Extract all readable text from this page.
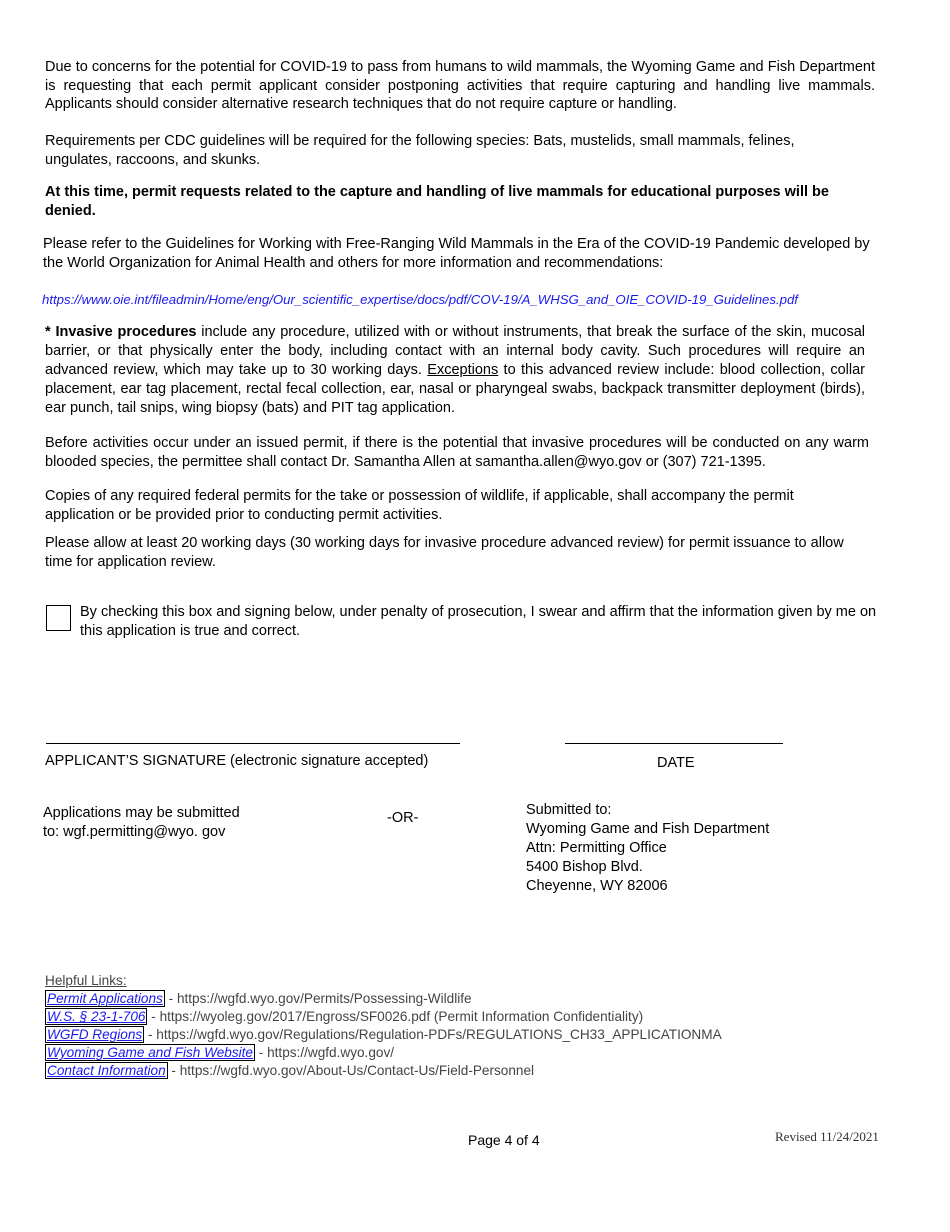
Due to concerns for the potential for COVID-19 to pass from humans to wild mammals, the Wyoming Game and Fish Department is requesting that each permit applicant consider postponing activities that require capturing and handling live mammals. Applicants should consider alternative research techniques that do not require capture or handling.
Requirements per CDC guidelines will be required for the following species: Bats, mustelids, small mammals, felines, ungulates, raccoons, and skunks.
At this time, permit requests related to the capture and handling of live mammals for educational purposes will be denied.
Please refer to the Guidelines for Working with Free-Ranging Wild Mammals in the Era of the COVID-19 Pandemic developed by the World Organization for Animal Health and others for more information and recommendations:
https://www.oie.int/fileadmin/Home/eng/Our_scientific_expertise/docs/pdf/COV-19/A_WHSG_and_OIE_COVID-19_Guidelines.pdf
* Invasive procedures include any procedure, utilized with or without instruments, that break the surface of the skin, mucosal barrier, or that physically enter the body, including contact with an internal body cavity. Such procedures will require an advanced review, which may take up to 30 working days. Exceptions to this advanced review include: blood collection, collar placement, ear tag placement, rectal fecal collection, ear, nasal or pharyngeal swabs, backpack transmitter deployment (birds), ear punch, tail snips, wing biopsy (bats) and PIT tag application.
Before activities occur under an issued permit, if there is the potential that invasive procedures will be conducted on any warm blooded species, the permittee shall contact Dr. Samantha Allen at samantha.allen@wyo.gov or (307) 721-1395.
Copies of any required federal permits for the take or possession of wildlife, if applicable, shall accompany the permit application or be provided prior to conducting permit activities.
Please allow at least 20 working days (30 working days for invasive procedure advanced review) for permit issuance to allow time for application review.
By checking this box and signing below, under penalty of prosecution, I swear and affirm that the information given by me on this application is true and correct.
APPLICANT’S SIGNATURE (electronic signature accepted)	DATE
Applications may be submitted
to: wgf.permitting@wyo. gov
-OR-	Submitted to:
Wyoming Game and Fish Department
Attn: Permitting Office
5400 Bishop Blvd.
Cheyenne, WY 82006
Helpful Links:
Permit Applications - https://wgfd.wyo.gov/Permits/Possessing-Wildlife
W.S. § 23-1-706 - https://wyoleg.gov/2017/Engross/SF0026.pdf (Permit Information Confidentiality)
WGFD Regions - https://wgfd.wyo.gov/Regulations/Regulation-PDFs/REGULATIONS_CH33_APPLICATIONMA
Wyoming Game and Fish Website - https://wgfd.wyo.gov/
Contact Information - https://wgfd.wyo.gov/About-Us/Contact-Us/Field-Personnel
Page 4 of 4	Revised 11/24/2021
